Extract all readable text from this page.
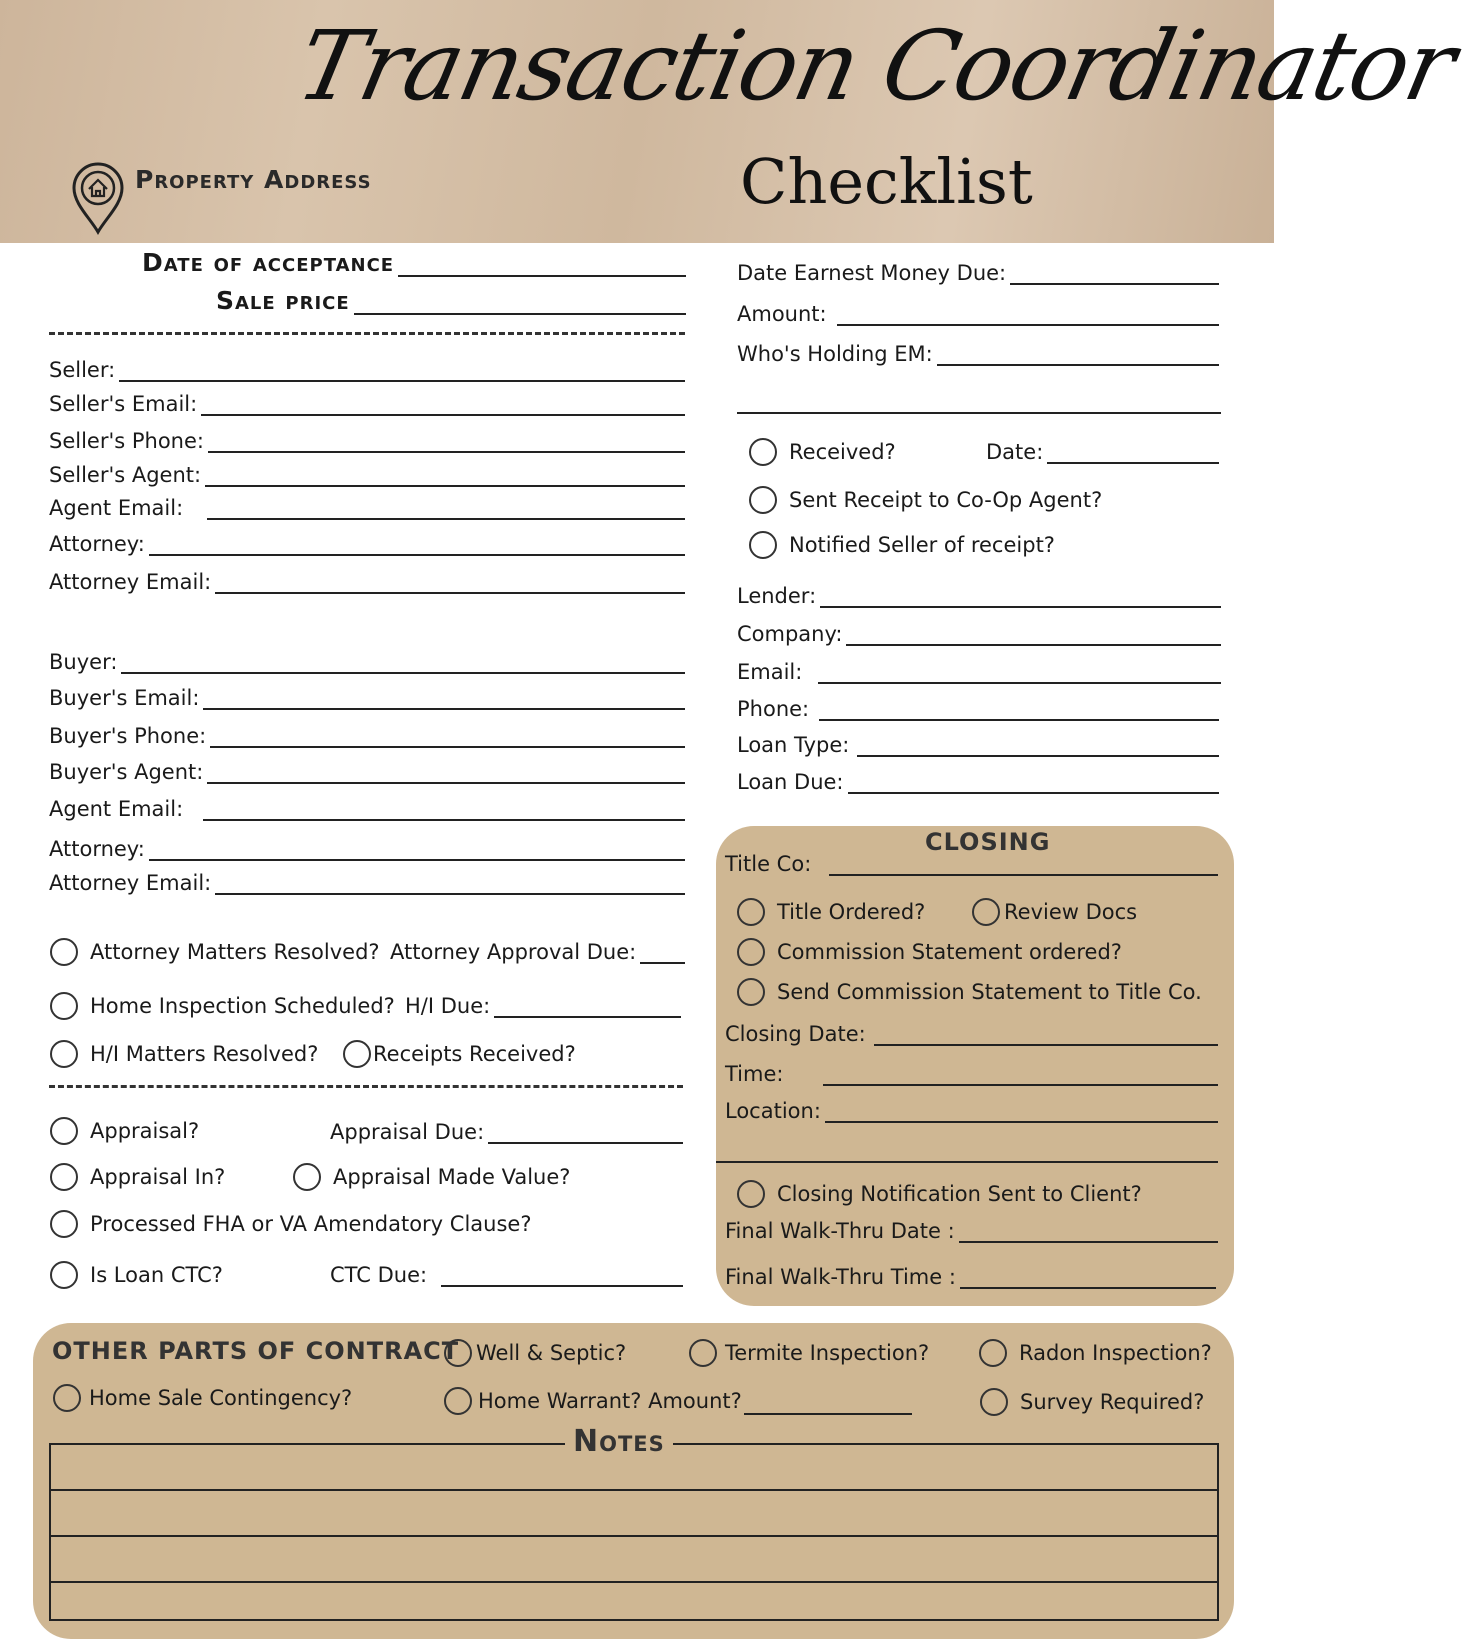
Transaction Coordinator
Checklist
Property Address
Date of acceptance
Sale price
Seller:
Seller's Email:
Seller's Phone:
Seller's Agent:
Agent Email:
Attorney:
Attorney Email:
Buyer:
Buyer's Email:
Buyer's Phone:
Buyer's Agent:
Agent Email:
Attorney:
Attorney Email:
Attorney Matters Resolved? Attorney Approval Due:
Home Inspection Scheduled? H/I Due:
H/I Matters Resolved?	Receipts Received?
Appraisal?	Appraisal Due:
Appraisal In?	Appraisal Made Value?
Processed FHA or VA Amendatory Clause?
Is Loan CTC?	CTC Due:
Date Earnest Money Due:
Amount:
Who's Holding EM:
Received?	Date:
Sent Receipt to Co-Op Agent?
Notified Seller of receipt?
Lender:
Company:
Email:
Phone:
Loan Type:
Loan Due:
CLOSING
Title Co:
Title Ordered?	Review Docs
Commission Statement ordered?
Send Commission Statement to Title Co.
Closing Date:
Time:
Location:
Closing Notification Sent to Client?
Final Walk-Thru Date :
Final Walk-Thru Time :
OTHER PARTS OF CONTRACT Well & Septic?	Termite Inspection?	Radon Inspection?
Home Sale Contingency?	Home Warrant? Amount?	Survey Required?
Notes
